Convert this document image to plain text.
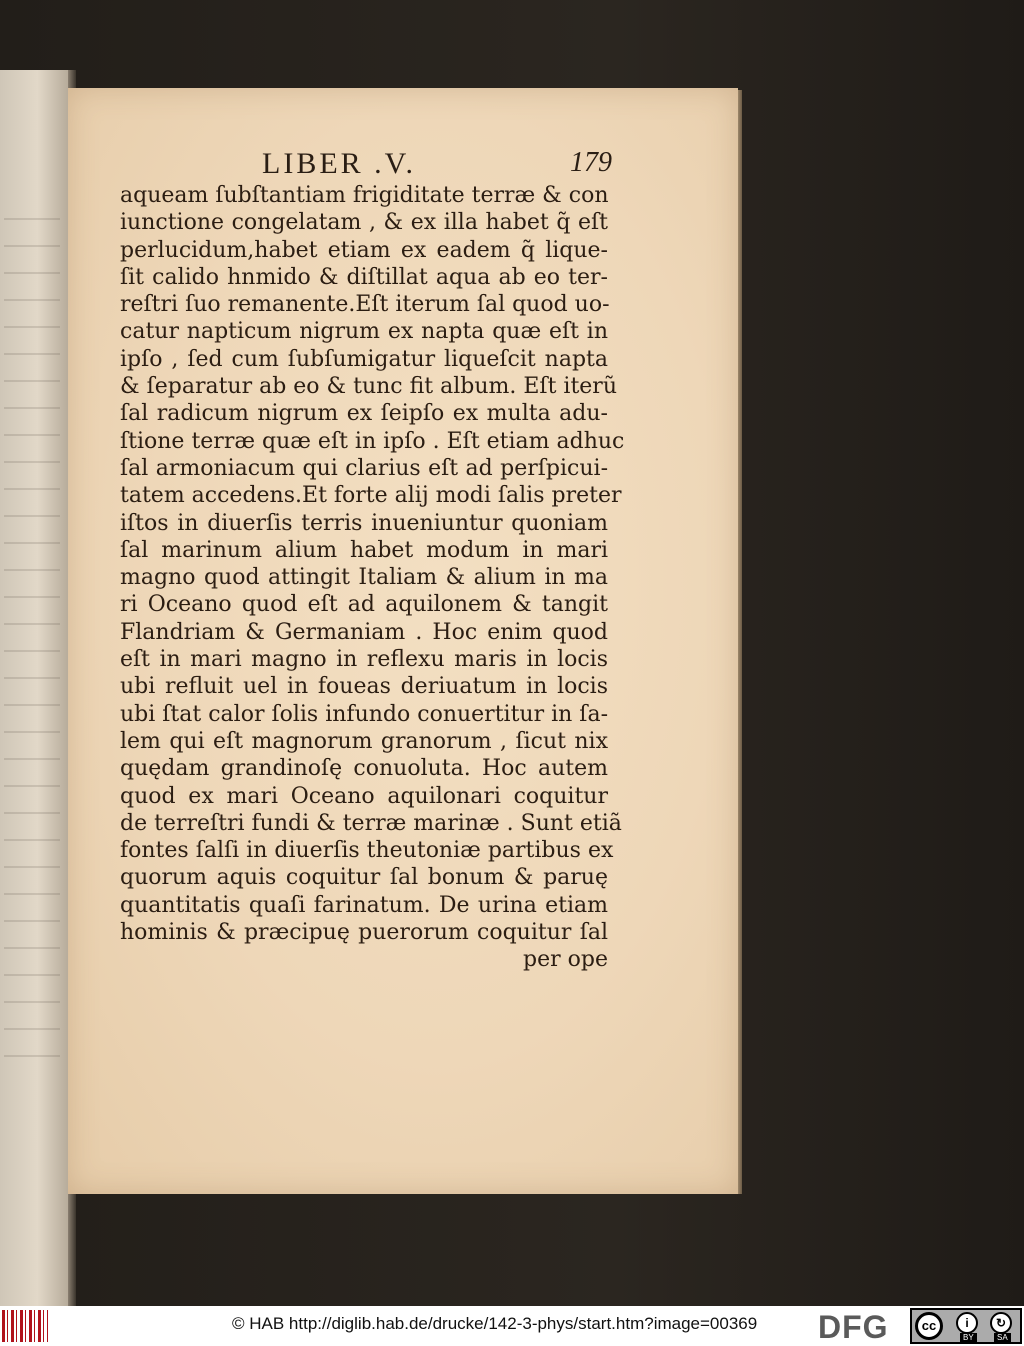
LIBER .V.	179
aqueam ſubſtantiam frigiditate terræ & con
iunctione congelatam , & ex illa habet q̃ eſt
perlucidum,habet etiam ex eadem q̃ lique-
ſit calido hnmido & diſtillat aqua ab eo ter-
reſtri ſuo remanente.Eſt iterum ſal quod uo-
catur napticum nigrum ex napta quæ eſt in
ipſo , ſed cum ſubſumigatur liqueſcit napta
& ſeparatur ab eo & tunc fit album. Eſt iterũ
ſal radicum nigrum ex ſeipſo ex multa adu-
ſtione terræ quæ eſt in ipſo . Eſt etiam adhuc
ſal armoniacum qui clarius eſt ad perſpicui-
tatem accedens.Et forte alij modi ſalis preter
iſtos in diuerſis terris inueniuntur quoniam
ſal marinum alium habet modum in mari
magno quod attingit Italiam & alium in ma
ri Oceano quod eſt ad aquilonem & tangit
Flandriam & Germaniam . Hoc enim quod
eſt in mari magno in reflexu maris in locis
ubi refluit uel in foueas deriuatum in locis
ubi ſtat calor ſolis infundo conuertitur in ſa-
lem qui eſt magnorum granorum , ſicut nix
quędam grandinoſę conuoluta. Hoc autem
quod ex mari Oceano aquilonari coquitur
de terreſtri fundi & terræ marinæ . Sunt etiã
fontes ſalſi in diuerſis theutoniæ partibus ex
quorum aquis coquitur ſal bonum & paruę
quantitatis quaſi farinatum. De urina etiam
hominis & præcipuę puerorum coquitur ſal
per ope
© HAB http://diglib.hab.de/drucke/142-3-phys/start.htm?image=00369 DFG	cc	i	↻
BY	SA
